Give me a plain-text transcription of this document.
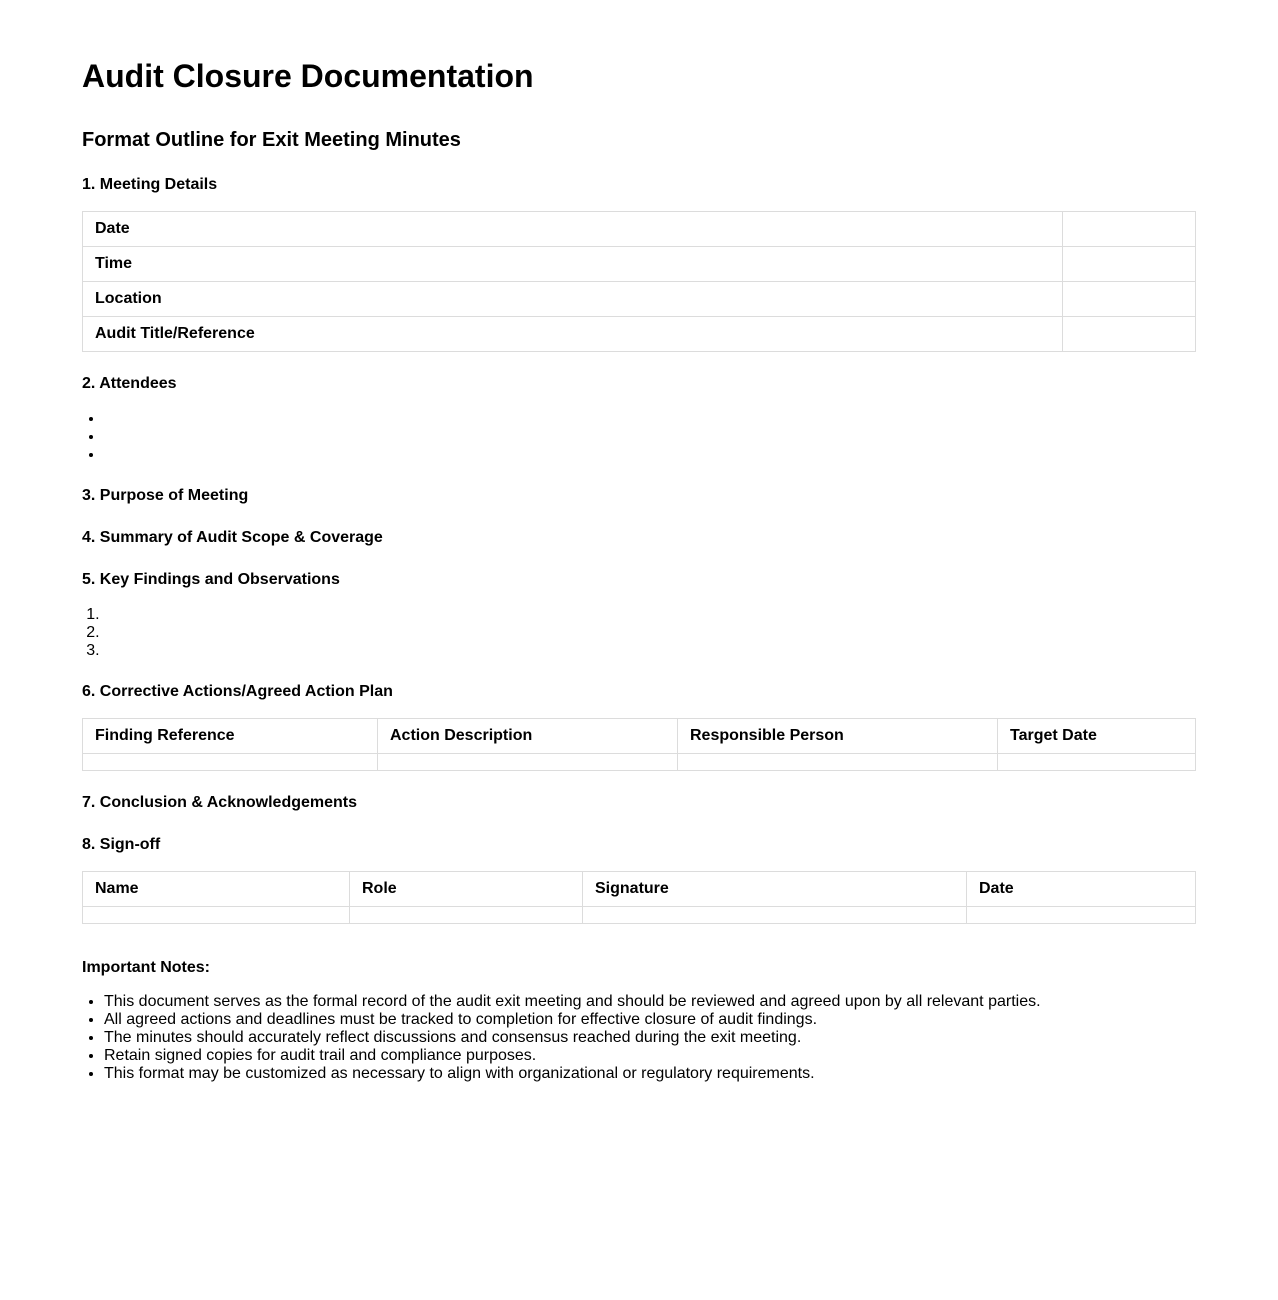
Audit Closure Documentation
Format Outline for Exit Meeting Minutes
1. Meeting Details
Date	
Time	
Location	
Audit Title/Reference	
2. Attendees
3. Purpose of Meeting
4. Summary of Audit Scope & Coverage
5. Key Findings and Observations
6. Corrective Actions/Agreed Action Plan
Finding Reference	Action Description	Responsible Person	Target Date

7. Conclusion & Acknowledgements
8. Sign-off
Name	Role	Signature	Date

Important Notes:
• This document serves as the formal record of the audit exit meeting and should be reviewed and agreed upon by all relevant parties.
• All agreed actions and deadlines must be tracked to completion for effective closure of audit findings.
• The minutes should accurately reflect discussions and consensus reached during the exit meeting.
• Retain signed copies for audit trail and compliance purposes.
• This format may be customized as necessary to align with organizational or regulatory requirements.
